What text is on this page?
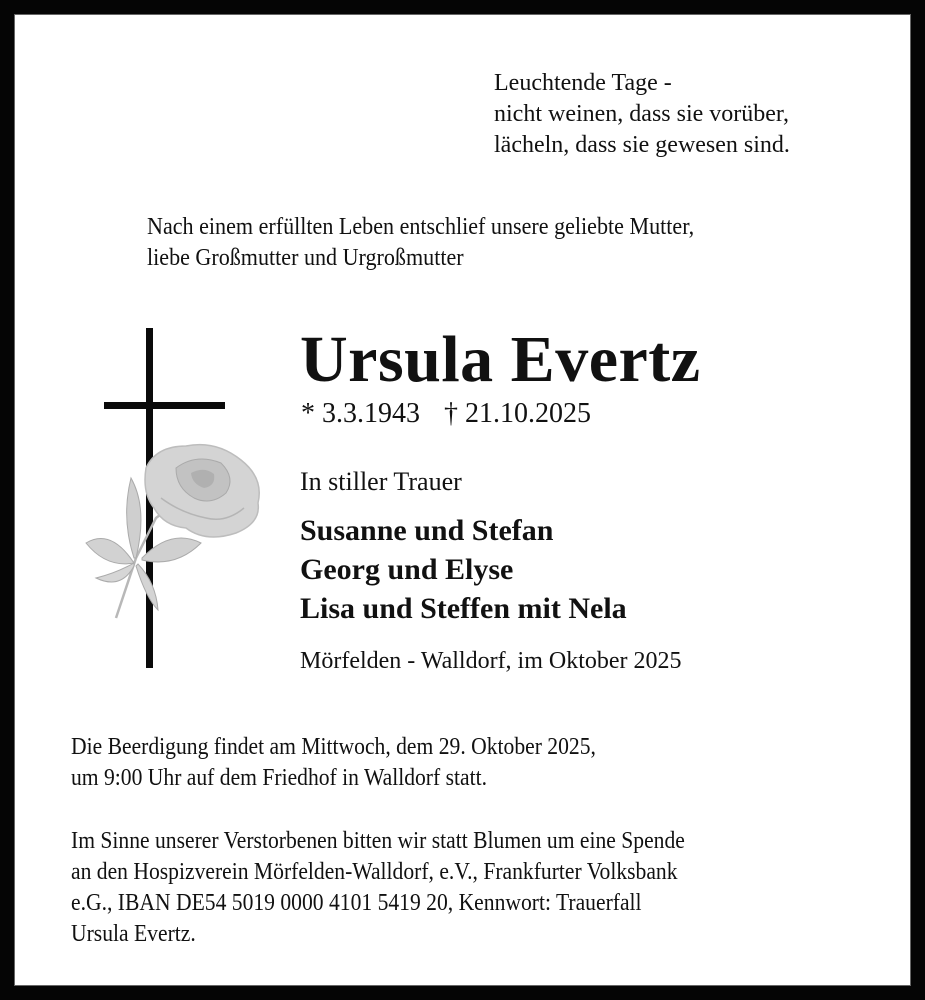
Leuchtende Tage -
nicht weinen, dass sie vorüber,
lächeln, dass sie gewesen sind.
Nach einem erfüllten Leben entschlief unsere geliebte Mutter,
liebe Großmutter und Urgroßmutter
Ursula Evertz
* 3.3.1943 † 21.10.2025
In stiller Trauer
Susanne und Stefan
Georg und Elyse
Lisa und Steffen mit Nela
Mörfelden - Walldorf, im Oktober 2025
Die Beerdigung findet am Mittwoch, dem 29. Oktober 2025,
um 9:00 Uhr auf dem Friedhof in Walldorf statt.
Im Sinne unserer Verstorbenen bitten wir statt Blumen um eine Spende
an den Hospizverein Mörfelden-Walldorf, e.V., Frankfurter Volksbank
e.G., IBAN DE54 5019 0000 4101 5419 20, Kennwort: Trauerfall
Ursula Evertz.
